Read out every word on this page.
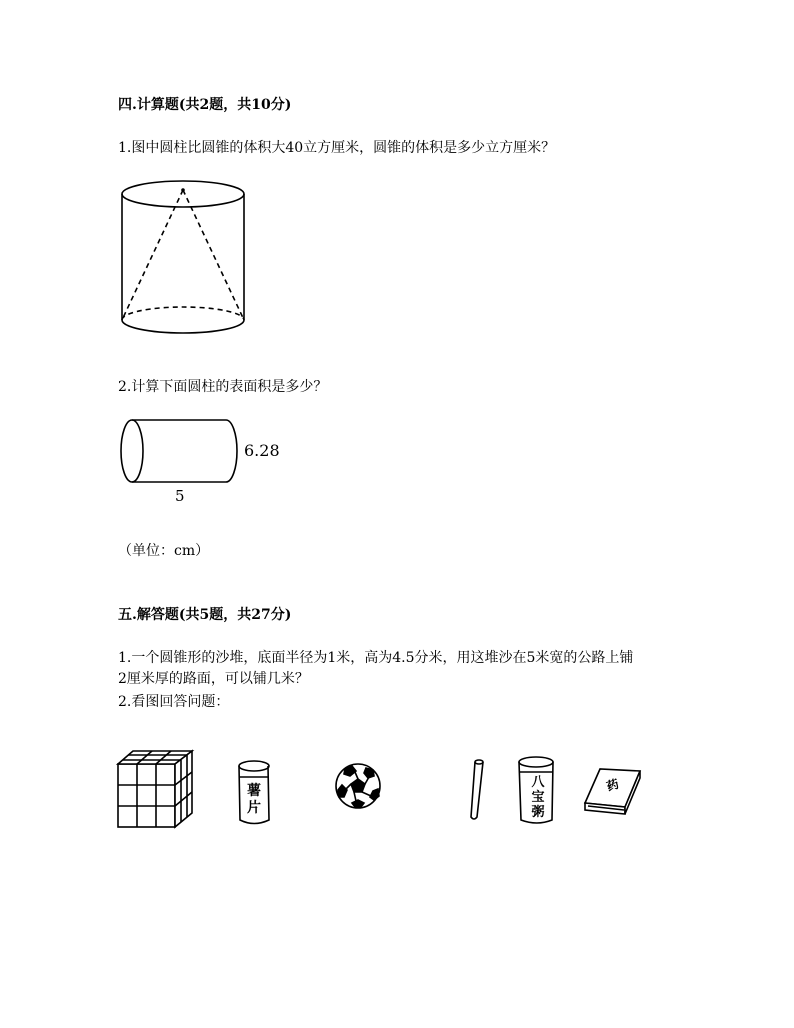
四.计算题(共2题，共10分)
1.图中圆柱比圆锥的体积大40立方厘米，圆锥的体积是多少立方厘米？
2.计算下面圆柱的表面积是多少？
6.28
5
（单位：cm）
五.解答题(共5题，共27分)
1.一个圆锥形的沙堆，底面半径为1米，高为4.5分米，用这堆沙在5米宽的公路上铺
2厘米厚的路面，可以铺几米？
2.看图回答问题：
薯
片
八
宝
粥
药
